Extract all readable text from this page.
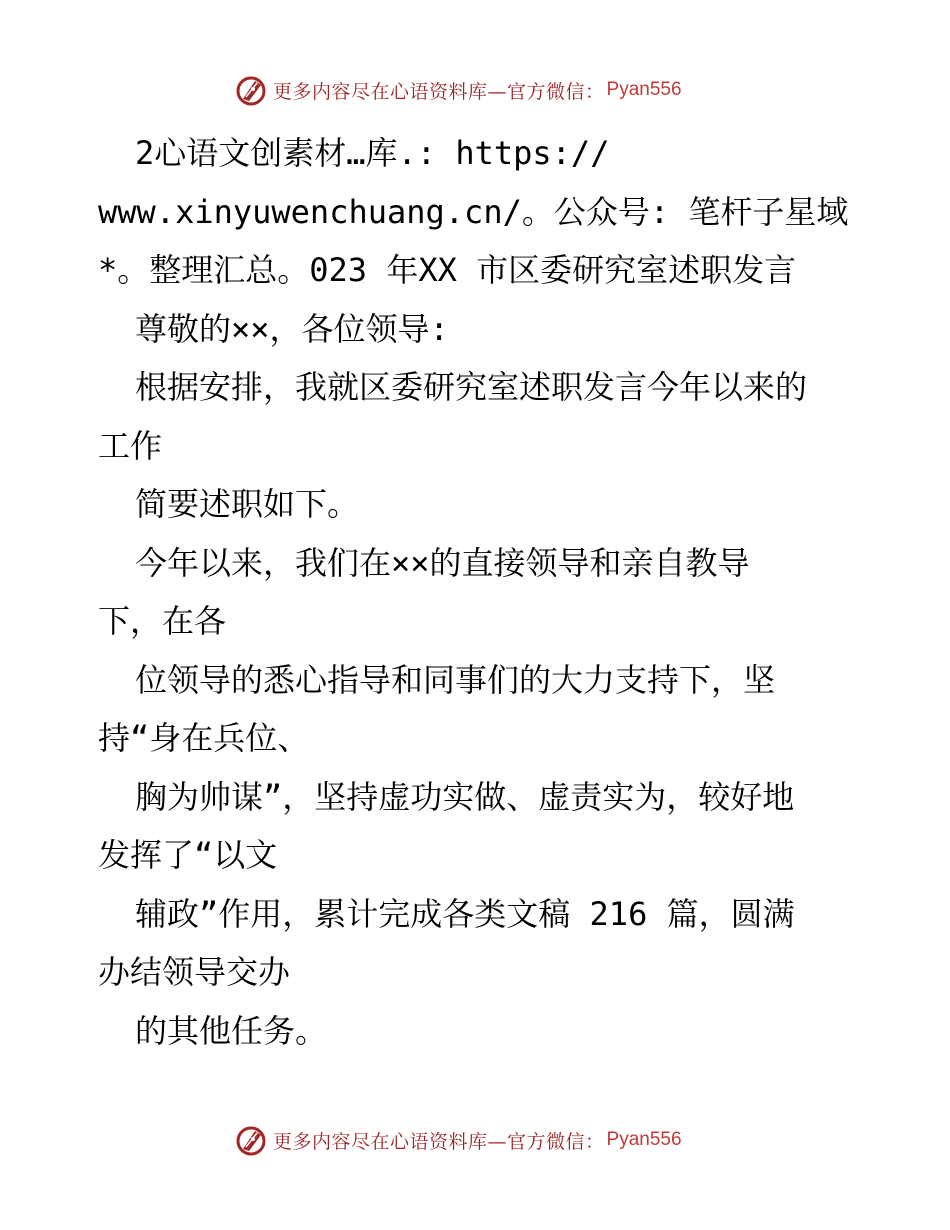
更多内容尽在心语资料库—官方微信： Pyan556
2心语文创素材…库.: https://
www.xinyuwenchuang.cn/。公众号: 笔杆子星域
*。整理汇总。023 年XX 市区委研究室述职发言
尊敬的××，各位领导:
根据安排，我就区委研究室述职发言今年以来的
工作
简要述职如下。
今年以来，我们在××的直接领导和亲自教导
下，在各
位领导的悉心指导和同事们的大力支持下，坚
持“身在兵位、
胸为帅谋”，坚持虚功实做、虚责实为，较好地
发挥了“以文
辅政”作用，累计完成各类文稿 216 篇，圆满
办结领导交办
的其他任务。
更多内容尽在心语资料库—官方微信： Pyan556
